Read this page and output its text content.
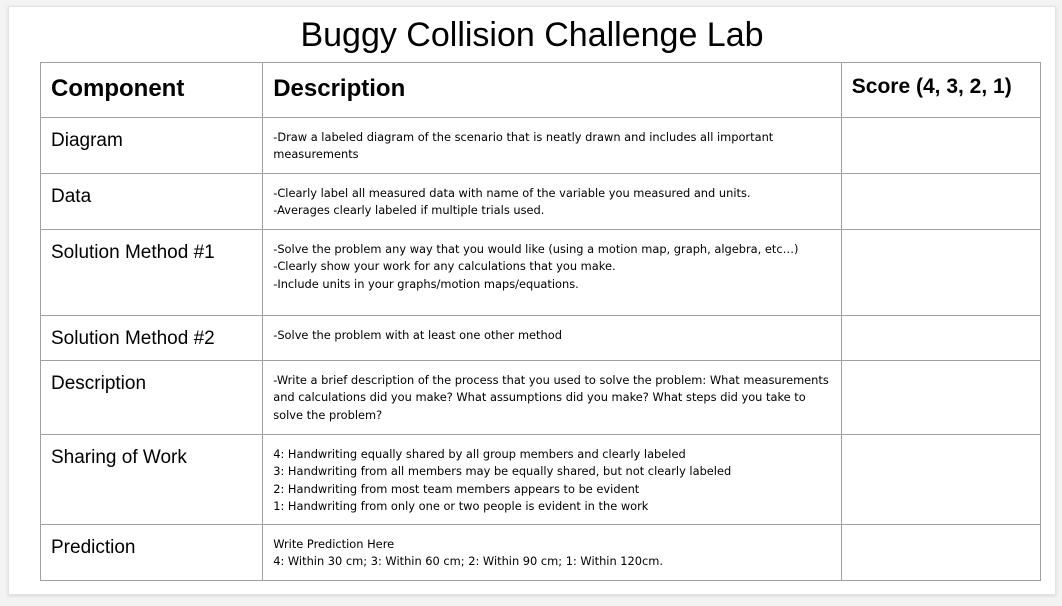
Buggy Collision Challenge Lab
Component	Description	Score (4, 3, 2, 1)
Diagram	-Draw a labeled diagram of the scenario that is neatly drawn and includes all important measurements	

Data	-Clearly label all measured data with name of the variable you measured and units.
-Averages clearly labeled if multiple trials used.	

Solution Method #1	-Solve the problem any way that you would like (using a motion map, graph, algebra, etc…)
-Clearly show your work for any calculations that you make.
-Include units in your graphs/motion maps/equations.	

Solution Method #2	-Solve the problem with at least one other method	

Description	-Write a brief description of the process that you used to solve the problem: What measurements and calculations did you make? What assumptions did you make? What steps did you take to solve the problem?	

Sharing of Work	4: Handwriting equally shared by all group members and clearly labeled
3: Handwriting from all members may be equally shared, but not clearly labeled
2: Handwriting from most team members appears to be evident
1: Handwriting from only one or two people is evident in the work	

Prediction	Write Prediction Here
4: Within 30 cm; 3: Within 60 cm; 2: Within 90 cm; 1: Within 120cm.	
